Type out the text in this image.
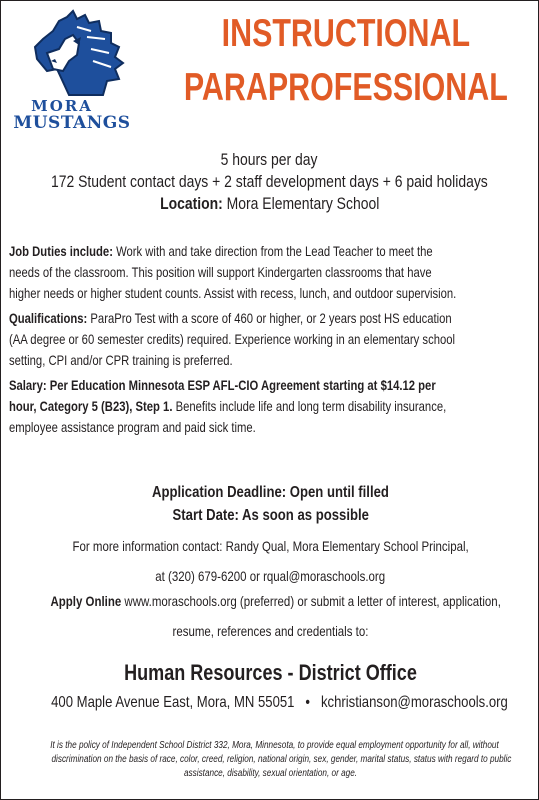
MORA
MUSTANGS
INSTRUCTIONAL
PARAPROFESSIONAL

5 hours per day

172 Student contact days + 2 staff development days + 6 paid holidays

Location: Mora Elementary School

Job Duties include: Work with and take direction from the Lead Teacher to meet the
needs of the classroom. This position will support Kindergarten classrooms that have
higher needs or higher student counts. Assist with recess, lunch, and outdoor supervision.
Qualifications: ParaPro Test with a score of 460 or higher, or 2 years post HS education
(AA degree or 60 semester credits) required. Experience working in an elementary school
setting, CPI and/or CPR training is preferred.
Salary: Per Education Minnesota ESP AFL-CIO Agreement starting at $14.12 per
hour, Category 5 (B23), Step 1. Benefits include life and long term disability insurance,
employee assistance program and paid sick time.
Application Deadline: Open until filled
Start Date: As soon as possible
For more information contact: Randy Qual, Mora Elementary School Principal,
at (320) 679-6200 or rqual@moraschools.org
Apply Online www.moraschools.org (preferred) or submit a letter of interest, application,
resume, references and credentials to:
Human Resources - District Office
400 Maple Avenue East, Mora, MN 55051 • kchristianson@moraschools.org
It is the policy of Independent School District 332, Mora, Minnesota, to provide equal employment opportunity for all, without
discrimination on the basis of race, color, creed, religion, national origin, sex, gender, marital status, status with regard to public
assistance, disability, sexual orientation, or age.
